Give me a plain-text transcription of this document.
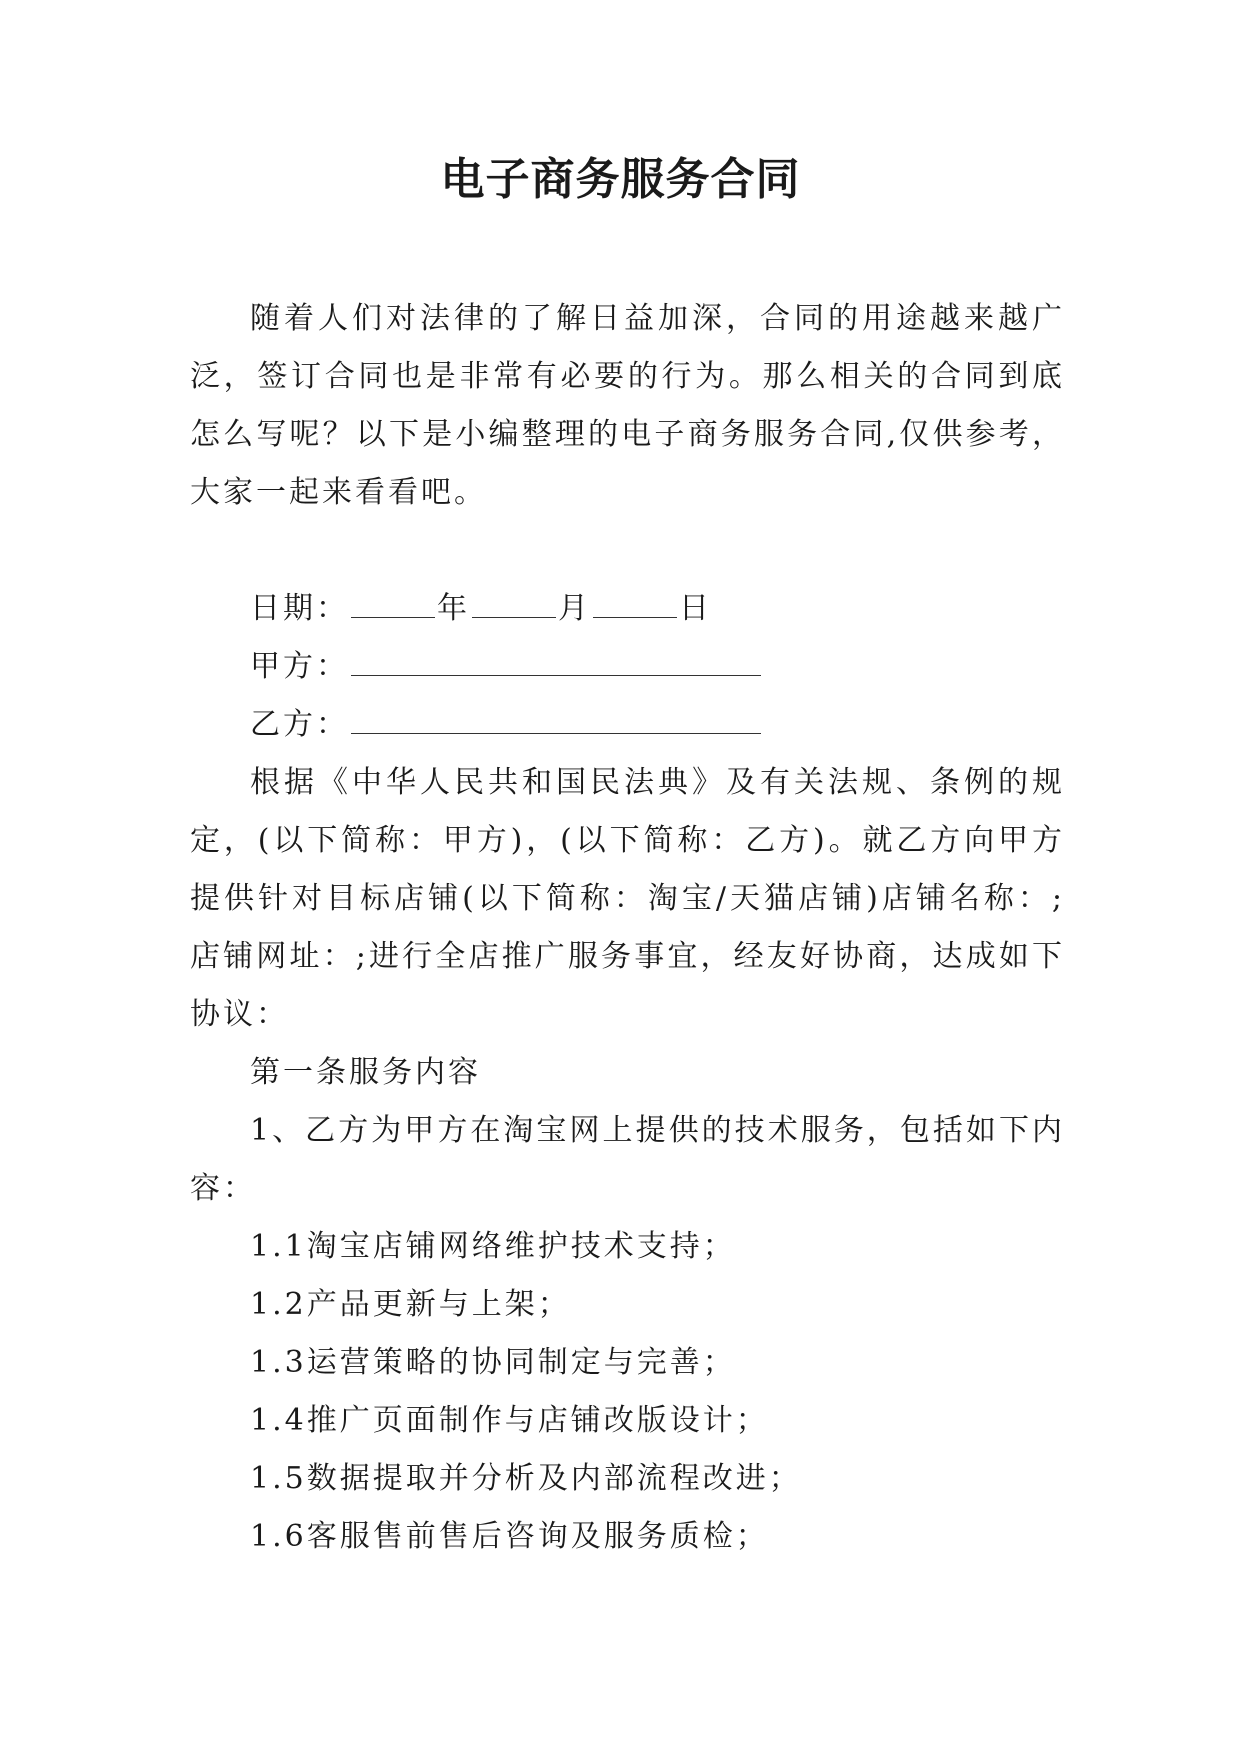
电子商务服务合同

随着人们对法律的了解日益加深，合同的用途越来越广泛，签订合同也是非常有必要的行为。那么相关的合同到底怎么写呢？以下是小编整理的电子商务服务合同,仅供参考，大家一起来看看吧。

日期：	年	月	日

甲方：

乙方：

根据《中华人民共和国民法典》及有关法规、条例的规定，(以下简称：甲方)，(以下简称：乙方)。就乙方向甲方提供针对目标店铺(以下简称：淘宝/天猫店铺)店铺名称：;店铺网址：;进行全店推广服务事宜，经友好协商，达成如下协议：

第一条服务内容

1、乙方为甲方在淘宝网上提供的技术服务，包括如下内容：

1.1淘宝店铺网络维护技术支持；

1.2产品更新与上架；

1.3运营策略的协同制定与完善；

1.4推广页面制作与店铺改版设计；

1.5数据提取并分析及内部流程改进；

1.6客服售前售后咨询及服务质检；
